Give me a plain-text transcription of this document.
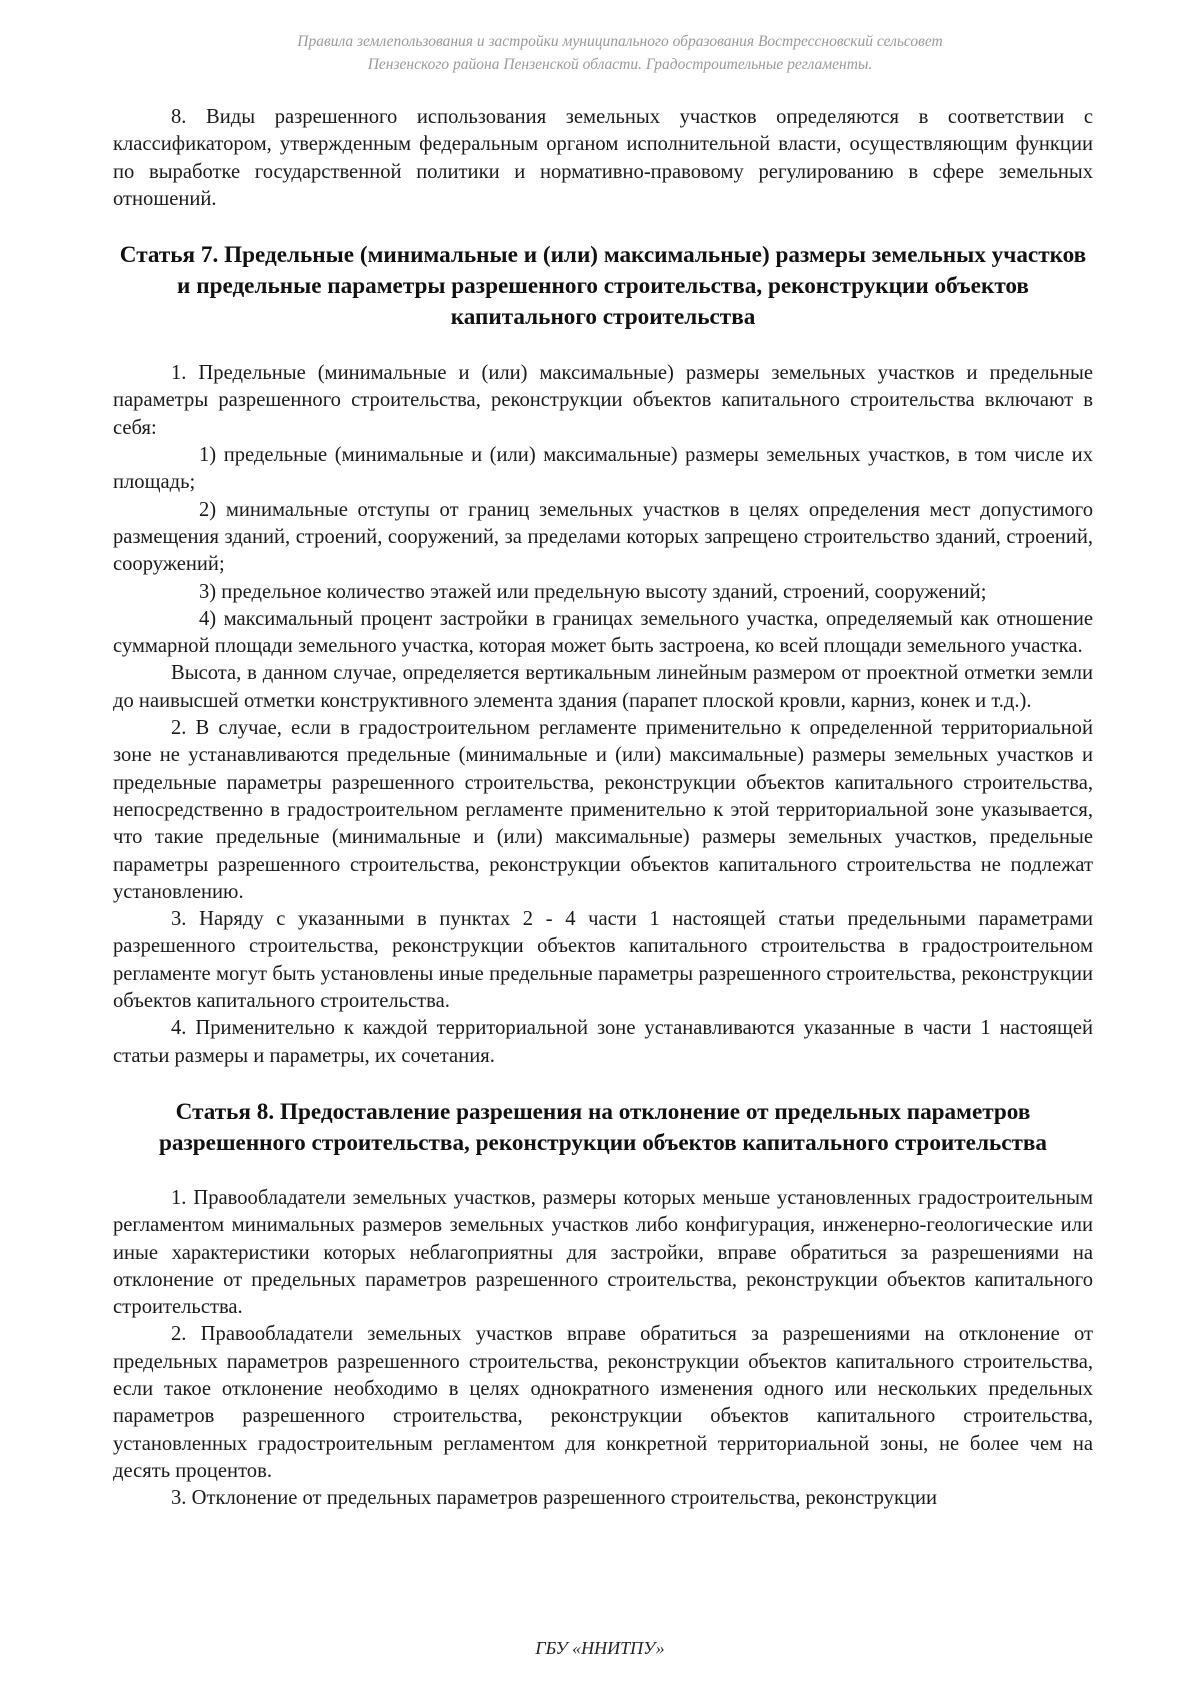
Правила землепользования и застройки муниципального образования Вострессновский сельсовет
Пензенского района Пензенской области. Градостроительные регламенты.

8. Виды разрешенного использования земельных участков определяются в соответствии с классификатором, утвержденным федеральным органом исполнительной власти, осуществляющим функции по выработке государственной политики и нормативно-правовому регулированию в сфере земельных отношений.

Статья 7. Предельные (минимальные и (или) максимальные) размеры земельных участков и предельные параметры разрешенного строительства, реконструкции объектов капитального строительства

1. Предельные (минимальные и (или) максимальные) размеры земельных участков и предельные параметры разрешенного строительства, реконструкции объектов капитального строительства включают в себя:

1) предельные (минимальные и (или) максимальные) размеры земельных участков, в том числе их площадь;

2) минимальные отступы от границ земельных участков в целях определения мест допустимого размещения зданий, строений, сооружений, за пределами которых запрещено строительство зданий, строений, сооружений;

3) предельное количество этажей или предельную высоту зданий, строений, сооружений;

4) максимальный процент застройки в границах земельного участка, определяемый как отношение суммарной площади земельного участка, которая может быть застроена, ко всей площади земельного участка.

Высота, в данном случае, определяется вертикальным линейным размером от проектной отметки земли до наивысшей отметки конструктивного элемента здания (парапет плоской кровли, карниз, конек и т.д.).

2. В случае, если в градостроительном регламенте применительно к определенной территориальной зоне не устанавливаются предельные (минимальные и (или) максимальные) размеры земельных участков и предельные параметры разрешенного строительства, реконструкции объектов капитального строительства, непосредственно в градостроительном регламенте применительно к этой территориальной зоне указывается, что такие предельные (минимальные и (или) максимальные) размеры земельных участков, предельные параметры разрешенного строительства, реконструкции объектов капитального строительства не подлежат установлению.

3. Наряду с указанными в пунктах 2 - 4 части 1 настоящей статьи предельными параметрами разрешенного строительства, реконструкции объектов капитального строительства в градостроительном регламенте могут быть установлены иные предельные параметры разрешенного строительства, реконструкции объектов капитального строительства.

4. Применительно к каждой территориальной зоне устанавливаются указанные в части 1 настоящей статьи размеры и параметры, их сочетания.

Статья 8. Предоставление разрешения на отклонение от предельных параметров разрешенного строительства, реконструкции объектов капитального строительства

1. Правообладатели земельных участков, размеры которых меньше установленных градостроительным регламентом минимальных размеров земельных участков либо конфигурация, инженерно-геологические или иные характеристики которых неблагоприятны для застройки, вправе обратиться за разрешениями на отклонение от предельных параметров разрешенного строительства, реконструкции объектов капитального строительства.

2. Правообладатели земельных участков вправе обратиться за разрешениями на отклонение от предельных параметров разрешенного строительства, реконструкции объектов капитального строительства, если такое отклонение необходимо в целях однократного изменения одного или нескольких предельных параметров разрешенного строительства, реконструкции объектов капитального строительства, установленных градостроительным регламентом для конкретной территориальной зоны, не более чем на десять процентов.

3. Отклонение от предельных параметров разрешенного строительства, реконструкции

ГБУ «ННИТПУ»
